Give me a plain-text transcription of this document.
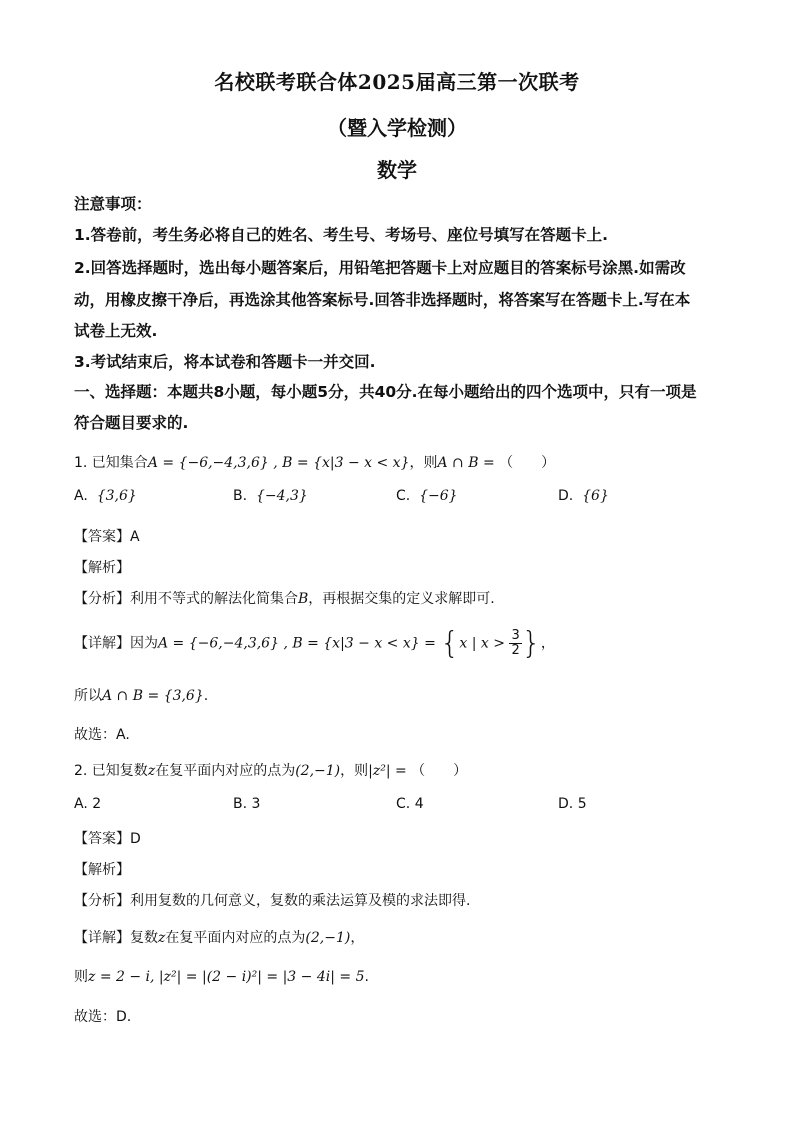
名校联考联合体2025届高三第一次联考
（暨入学检测）
数学
注意事项：
1.答卷前，考生务必将自己的姓名、考生号、考场号、座位号填写在答题卡上.
2.回答选择题时，选出每小题答案后，用铅笔把答题卡上对应题目的答案标号涂黑.如需改
动，用橡皮擦干净后，再选涂其他答案标号.回答非选择题时，将答案写在答题卡上.写在本
试卷上无效.
3.考试结束后，将本试卷和答题卡一并交回.
一、选择题：本题共8小题，每小题5分，共40分.在每小题给出的四个选项中，只有一项是
符合题目要求的.
1. 已知集合A = {−6,−4,3,6} , B = {x|3 − x < x}，则A ∩ B = （　　）
A. {3,6}	B. {−4,3}	C. {−6}	D. {6}
【答案】A
【解析】
【分析】利用不等式的解法化简集合B，再根据交集的定义求解即可.
【详解】因为A = {−6,−4,3,6} , B = {x|3 − x < x} = {x | $x > \frac{3}{2}$ }，
所以A ∩ B = {3,6}.
故选：A.
2. 已知复数z在复平面内对应的点为(2,−1)，则|z²| = （　　）
A. 2	B. 3	C. 4	D. 5
【答案】D
【解析】
【分析】利用复数的几何意义，复数的乘法运算及模的求法即得.
【详解】复数z在复平面内对应的点为(2,−1)，
则z = 2 − i, |z²| = |(2 − i)²| = |3 − 4i| = 5.
故选：D.
